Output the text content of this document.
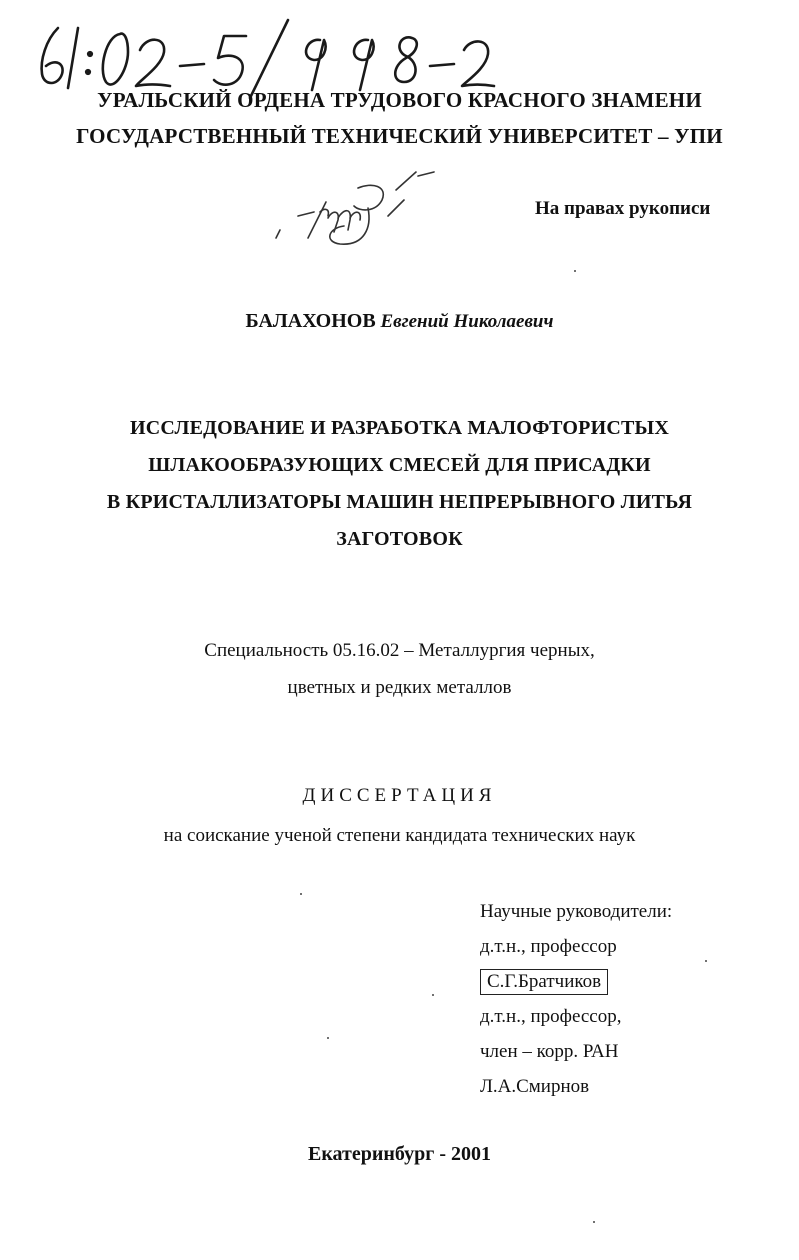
УРАЛЬСКИЙ ОРДЕНА ТРУДОВОГО КРАСНОГО ЗНАМЕНИ
ГОСУДАРСТВЕННЫЙ ТЕХНИЧЕСКИЙ УНИВЕРСИТЕТ – УПИ
На правах рукописи
БАЛАХОНОВ Евгений Николаевич
ИССЛЕДОВАНИЕ И РАЗРАБОТКА МАЛОФТОРИСТЫХ
ШЛАКООБРАЗУЮЩИХ СМЕСЕЙ ДЛЯ ПРИСАДКИ
В КРИСТАЛЛИЗАТОРЫ МАШИН НЕПРЕРЫВНОГО ЛИТЬЯ
ЗАГОТОВОК
Специальность 05.16.02 – Металлургия черных,
цветных и редких металлов
ДИССЕРТАЦИЯ
на соискание ученой степени кандидата технических наук
Научные руководители:
д.т.н., профессор
С.Г.Братчиков
д.т.н., профессор,
член – корр. РАН
Л.А.Смирнов
Екатеринбург - 2001
